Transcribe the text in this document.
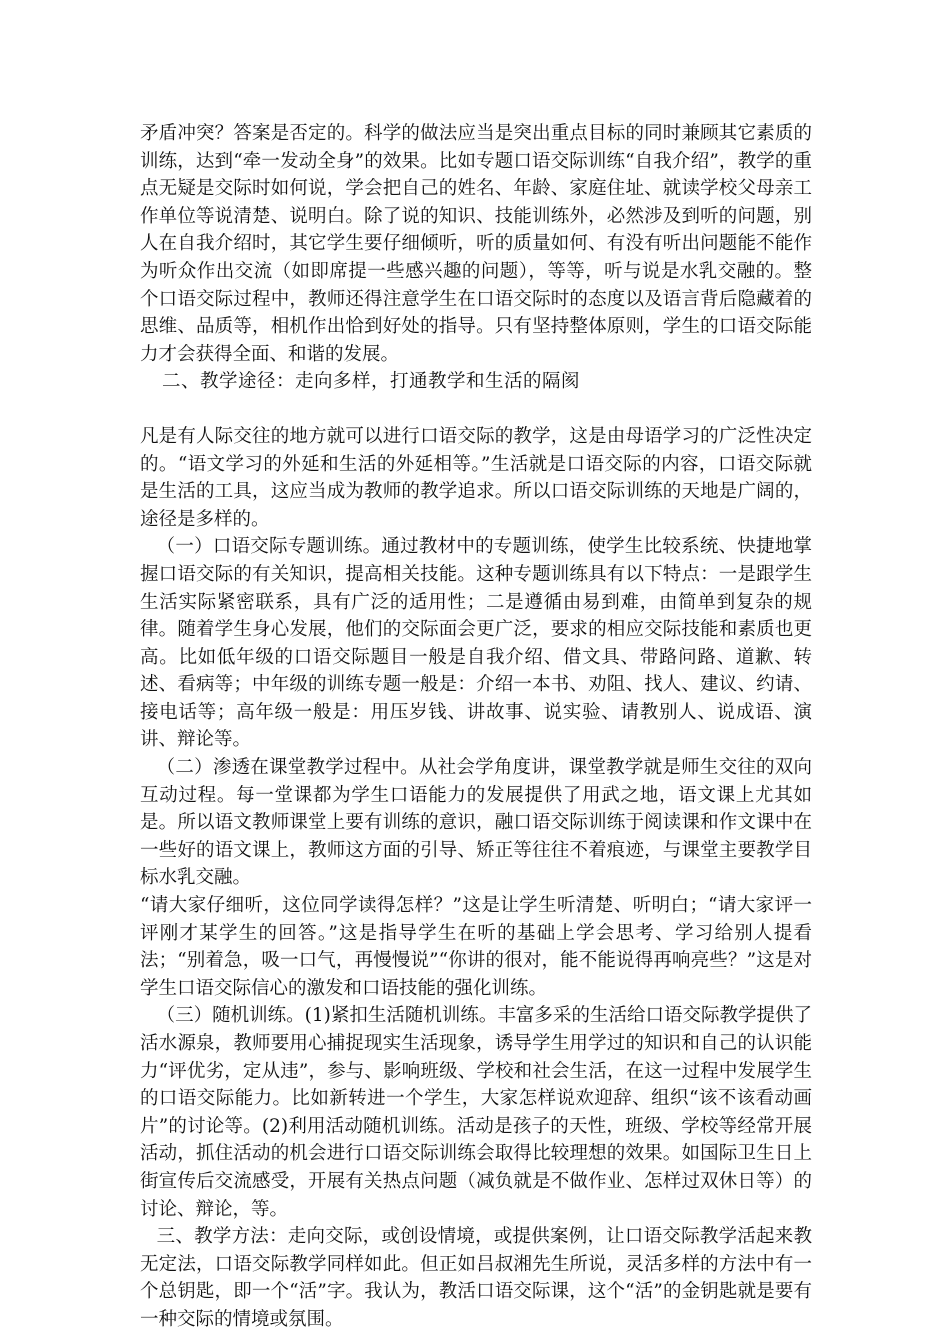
矛盾冲突？答案是否定的。科学的做法应当是突出重点目标的同时兼顾其它素质的训练，达到“牵一发动全身”的效果。比如专题口语交际训练“自我介绍”，教学的重点无疑是交际时如何说，学会把自己的姓名、年龄、家庭住址、就读学校父母亲工作单位等说清楚、说明白。除了说的知识、技能训练外，必然涉及到听的问题，别人在自我介绍时，其它学生要仔细倾听，听的质量如何、有没有听出问题能不能作为听众作出交流（如即席提一些感兴趣的问题），等等，听与说是水乳交融的。整个口语交际过程中，教师还得注意学生在口语交际时的态度以及语言背后隐藏着的思维、品质等，相机作出恰到好处的指导。只有坚持整体原则，学生的口语交际能力才会获得全面、和谐的发展。

二、教学途径：走向多样，打通教学和生活的隔阂

凡是有人际交往的地方就可以进行口语交际的教学，这是由母语学习的广泛性决定的。“语文学习的外延和生活的外延相等。”生活就是口语交际的内容，口语交际就是生活的工具，这应当成为教师的教学追求。所以口语交际训练的天地是广阔的，途径是多样的。

（一）口语交际专题训练。通过教材中的专题训练，使学生比较系统、快捷地掌握口语交际的有关知识，提高相关技能。这种专题训练具有以下特点：一是跟学生生活实际紧密联系，具有广泛的适用性；二是遵循由易到难，由简单到复杂的规律。随着学生身心发展，他们的交际面会更广泛，要求的相应交际技能和素质也更高。比如低年级的口语交际题目一般是自我介绍、借文具、带路问路、道歉、转述、看病等；中年级的训练专题一般是：介绍一本书、劝阻、找人、建议、约请、接电话等；高年级一般是：用压岁钱、讲故事、说实验、请教别人、说成语、演讲、辩论等。

（二）渗透在课堂教学过程中。从社会学角度讲，课堂教学就是师生交往的双向互动过程。每一堂课都为学生口语能力的发展提供了用武之地，语文课上尤其如是。所以语文教师课堂上要有训练的意识，融口语交际训练于阅读课和作文课中在一些好的语文课上，教师这方面的引导、矫正等往往不着痕迹，与课堂主要教学目标水乳交融。

“请大家仔细听，这位同学读得怎样？”这是让学生听清楚、听明白；“请大家评一评刚才某学生的回答。”这是指导学生在听的基础上学会思考、学习给别人提看法；“别着急，吸一口气，再慢慢说”“你讲的很对，能不能说得再响亮些？”这是对学生口语交际信心的激发和口语技能的强化训练。

（三）随机训练。(1)紧扣生活随机训练。丰富多采的生活给口语交际教学提供了活水源泉，教师要用心捕捉现实生活现象，诱导学生用学过的知识和自己的认识能力“评优劣，定从违”，参与、影响班级、学校和社会生活，在这一过程中发展学生的口语交际能力。比如新转进一个学生，大家怎样说欢迎辞、组织“该不该看动画片”的讨论等。(2)利用活动随机训练。活动是孩子的天性，班级、学校等经常开展活动，抓住活动的机会进行口语交际训练会取得比较理想的效果。如国际卫生日上街宣传后交流感受，开展有关热点问题（减负就是不做作业、怎样过双休日等）的讨论、辩论，等。

三、教学方法：走向交际，或创设情境，或提供案例，让口语交际教学活起来教无定法，口语交际教学同样如此。但正如吕叔湘先生所说，灵活多样的方法中有一个总钥匙，即一个“活”字。我认为，教活口语交际课，这个“活”的金钥匙就是要有一种交际的情境或氛围。
